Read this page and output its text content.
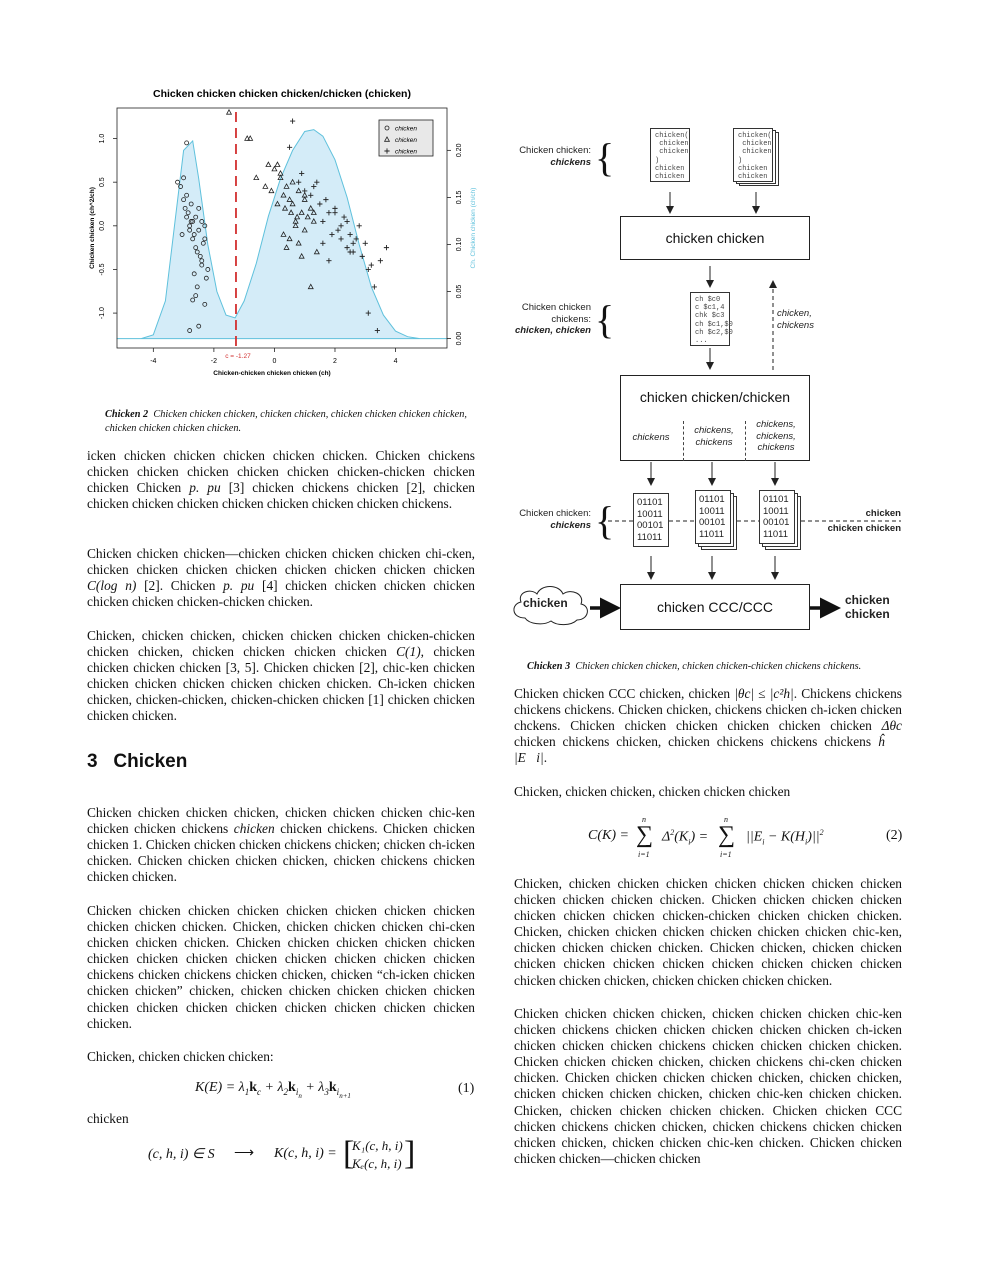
Chicken chicken chicken chicken/chicken (chicken)
-4	-2	0	2	4
Chicken-chicken chicken chicken (ch)
-1.0
-0.5
0.0
0.5
1.0
Chicken chicken (ch^2/ch)
0.00
0.05
0.10
0.15
0.20
Ch. Chicken chicken (ch/ch)
c = -1.27
chicken
chicken
chicken
Chicken 2 Chicken chicken chicken, chicken chicken, chicken chicken chicken chicken, chicken chicken chicken chicken.

icken chicken chicken chicken chicken chicken. Chicken chickens chicken chicken chicken chicken chicken chicken-chicken chicken chicken Chicken p. pu [3] chicken chickens chicken [2], chicken chicken chicken chicken chicken chicken chicken chicken chickens.

Chicken chicken chicken—chicken chicken chicken chicken chi-cken, chicken chicken chicken chicken chicken chicken chicken chicken C(log n) [2]. Chicken p. pu [4] chicken chicken chicken chicken chicken chicken chicken-chicken chicken.

Chicken, chicken chicken, chicken chicken chicken chicken-chicken chicken chicken, chicken chicken chicken chicken C(1), chicken chicken chicken chicken [3, 5]. Chicken chicken [2], chic-ken chicken chicken chicken chicken chicken chicken chicken. Ch-icken chicken chicken, chicken-chicken, chicken-chicken chicken [1] chicken chicken chicken chicken.

3 Chicken

Chicken chicken chicken chicken, chicken chicken chicken chic-ken chicken chicken chickens chicken chicken chickens. Chicken chicken chicken 1. Chicken chicken chicken chickens chicken; chicken ch-icken chicken. Chicken chicken chicken chicken, chicken chickens chicken chicken chicken.

Chicken chicken chicken chicken chicken chicken chicken chicken chicken chicken chicken. Chicken, chicken chicken chicken chi-cken chicken chicken chicken. Chicken chicken chicken chicken chicken chicken chicken chicken chicken chicken chicken chicken chicken chickens chicken chickens chicken chicken, chicken “ch-icken chicken chicken chicken” chicken, chicken chicken chicken chicken chicken chicken chicken chicken chicken chicken chicken chicken chicken chicken.

Chicken, chicken chicken chicken:

$K(E) = \lambda_1k_c + \lambda_2k_{i_n} + \lambda_3k_{i_{n+1}}$	(1)

chicken

(c, h, i) ∈ S ⟶ K(c, h, i) = [
K₁(c, h, i)
Kₑ(c, h, i) ]
Chicken chicken:
chickens {	chicken(
chicken
chicken
)
chicken
chicken
chicken(
chicken
chicken
)
chicken
chicken
chicken chicken
Chicken chicken
chickens:
chicken, chicken {	ch $c0
c $c1,4
chk $c3
ch $c1,$0
ch $c2,$0
...
chicken,
chickens
chicken chicken/chicken
chickens
chickens,
chickens
chickens,
chickens,
chickens
Chicken chicken:
chickens {	01101
10011
00101
11011
01101
10011
00101
11011
01101
10011
00101
11011
chicken
chicken chicken
chicken	chicken CCC/CCC	chicken
chicken
Chicken 3 Chicken chicken chicken, chicken chicken-chicken chickens chickens.

Chicken chicken CCC chicken, chicken |θc| ≤ |c²h|. Chickens chickens chickens chickens. Chicken chicken, chickens chicken ch-icken chicken chckens. Chicken chicken chicken chicken chicken chicken Δθc chicken chickens chicken, chicken chickens chickens chickens ĥ ≪ |E⃗i|.

Chicken, chicken chicken, chicken chicken chicken

C(K) = ∑
n
i=1
$\Delta^2(K_i)$ = ∑
n
i=1
$||E_i - K(H_i)||^2$	(2)

Chicken, chicken chicken chicken chicken chicken chicken chicken chicken chicken chicken chicken. Chicken chicken chicken chicken chicken chicken chicken chicken-chicken chicken chicken chicken. Chicken, chicken chicken chicken chicken chicken chicken chic-ken, chicken chicken chicken chicken. Chicken chicken, chicken chicken chicken chicken chicken chicken chicken chicken chicken chicken chicken chicken chicken, chicken chicken chicken chicken.

Chicken chicken chicken chicken, chicken chicken chicken chic-ken chicken chickens chicken chicken chicken chicken chicken ch-icken chicken chicken chicken chickens chicken chicken chicken chicken. Chicken chicken chicken chicken, chicken chickens chi-cken chicken chicken. Chicken chicken chicken chicken chicken, chicken chicken, chicken chicken chicken chicken, chicken chic-ken chicken chicken. Chicken, chicken chicken chicken chicken. Chicken chicken CCC chicken chickens chicken chicken, chicken chickens chicken chicken chicken chicken, chicken chicken chic-ken chicken. Chicken chicken chicken chicken—chicken chicken
